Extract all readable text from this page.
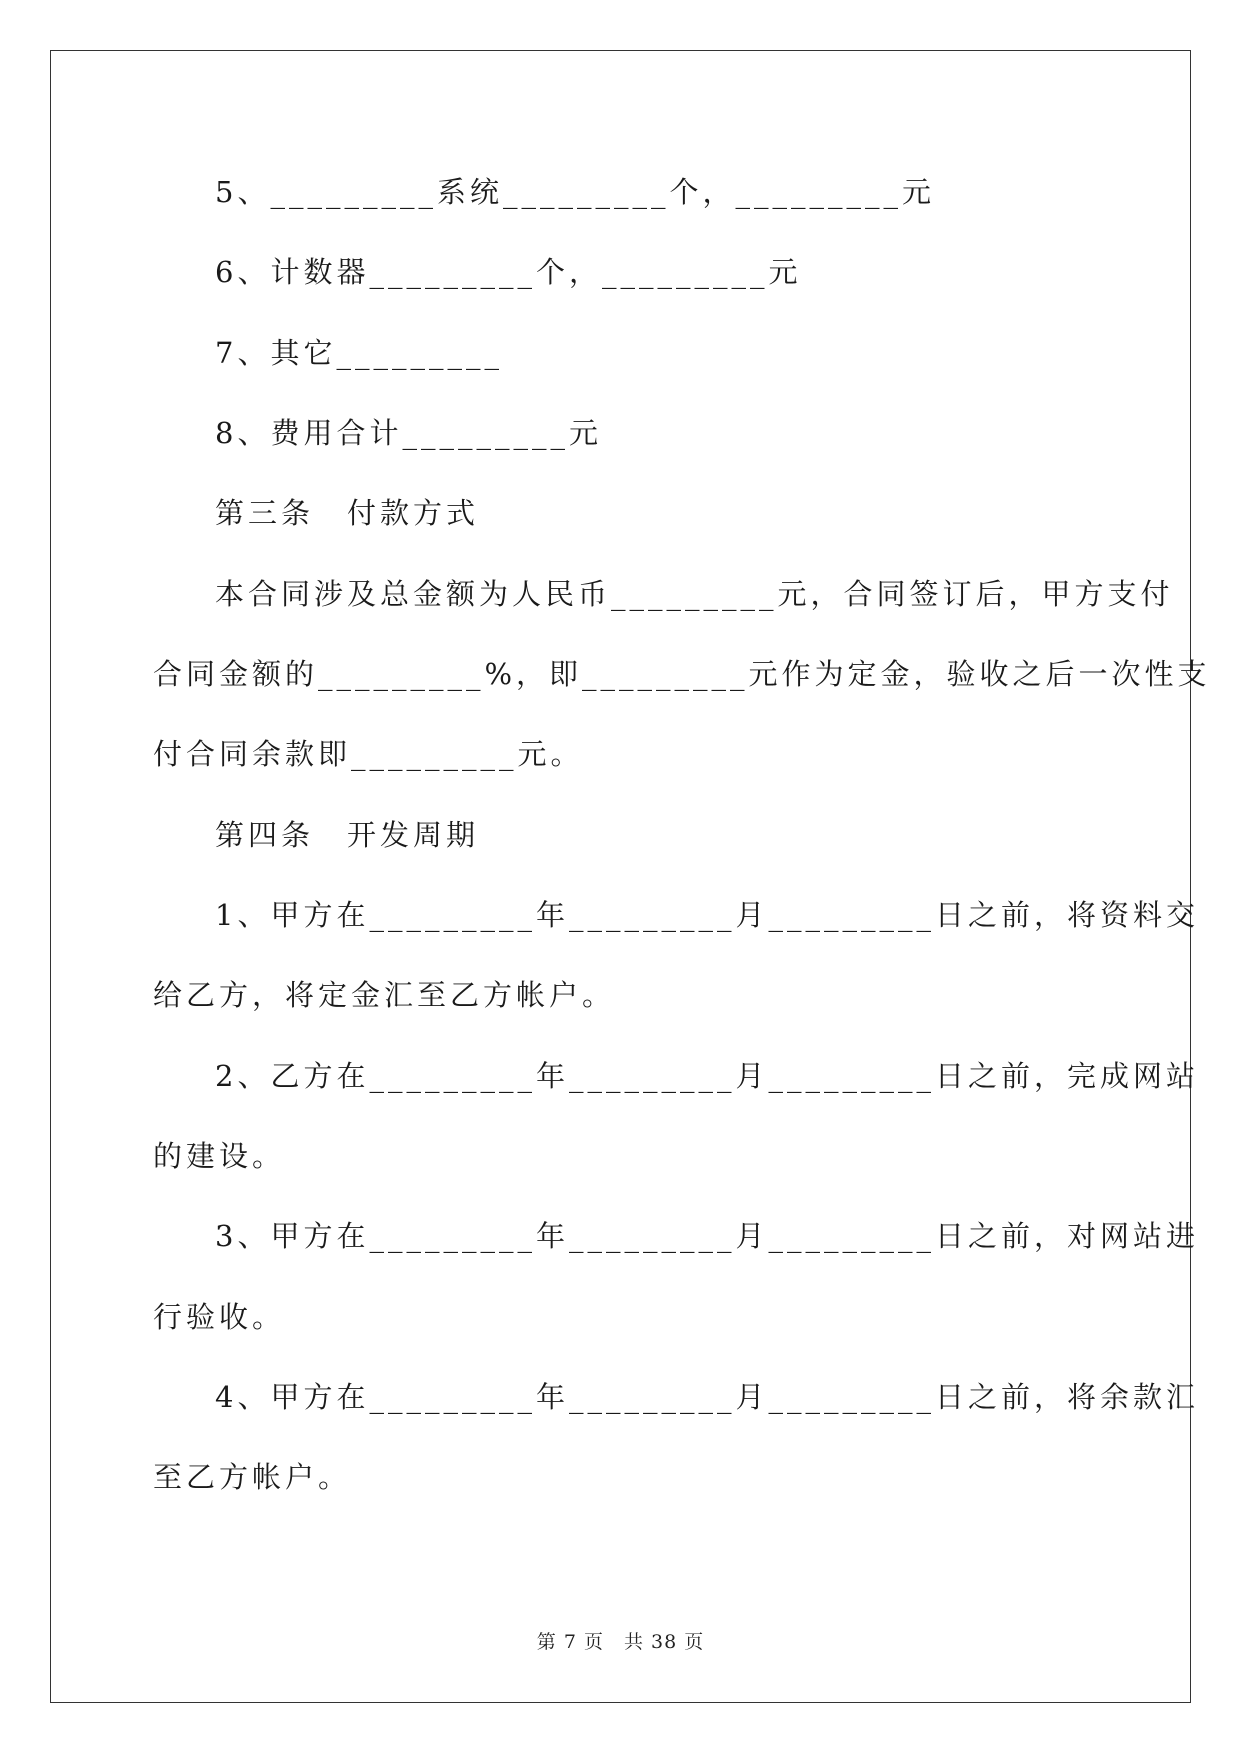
5、_________系统_________个，_________元
6、计数器_________个，_________元
7、其它_________
8、费用合计_________元
第三条　付款方式
本合同涉及总金额为人民币_________元，合同签订后，甲方支付
合同金额的_________%，即_________元作为定金，验收之后一次性支
付合同余款即_________元。
第四条　开发周期
1、甲方在_________年_________月_________日之前，将资料交
给乙方，将定金汇至乙方帐户。
2、乙方在_________年_________月_________日之前，完成网站
的建设。
3、甲方在_________年_________月_________日之前，对网站进
行验收。
4、甲方在_________年_________月_________日之前，将余款汇
至乙方帐户。
第 7 页　共 38 页
